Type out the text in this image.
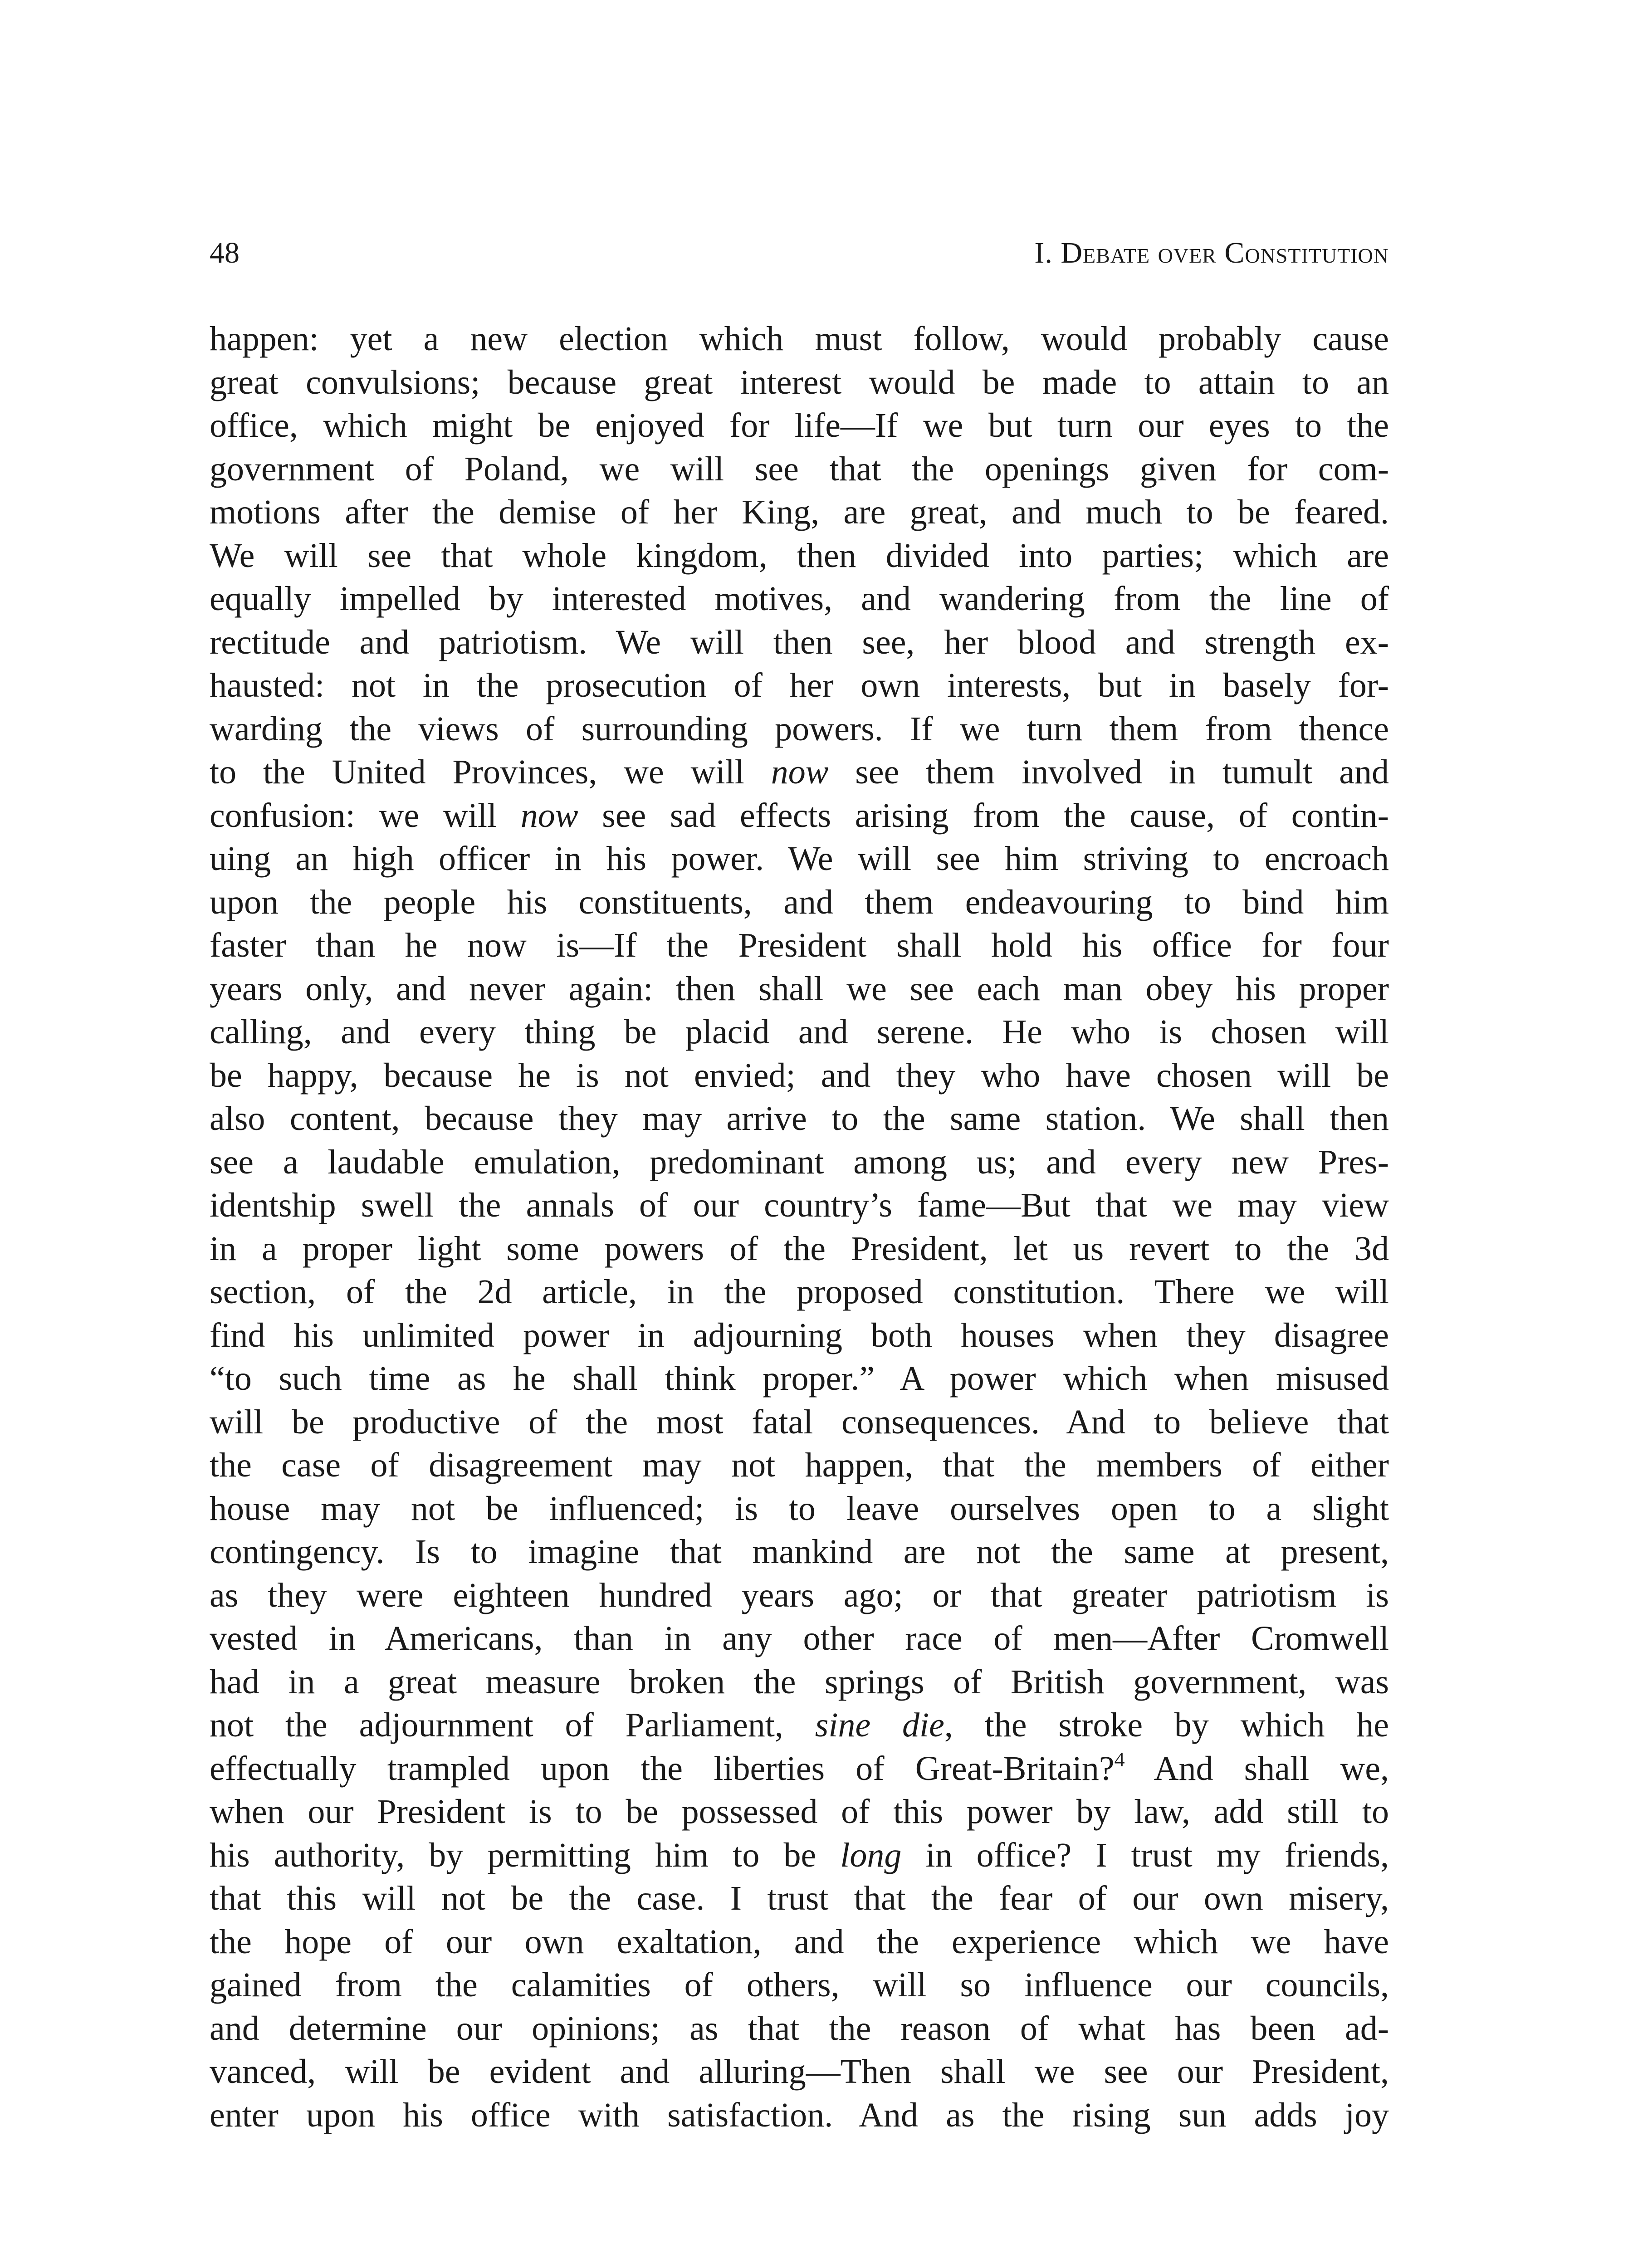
48	I. Debate over Constitution
happen: yet a new election which must follow, would probably cause
great convulsions; because great interest would be made to attain to an
office, which might be enjoyed for life—If we but turn our eyes to the
government of Poland, we will see that the openings given for com-
motions after the demise of her King, are great, and much to be feared.
We will see that whole kingdom, then divided into parties; which are
equally impelled by interested motives, and wandering from the line of
rectitude and patriotism. We will then see, her blood and strength ex-
hausted: not in the prosecution of her own interests, but in basely for-
warding the views of surrounding powers. If we turn them from thence
to the United Provinces, we will now see them involved in tumult and
confusion: we will now see sad effects arising from the cause, of contin-
uing an high officer in his power. We will see him striving to encroach
upon the people his constituents, and them endeavouring to bind him
faster than he now is—If the President shall hold his office for four
years only, and never again: then shall we see each man obey his proper
calling, and every thing be placid and serene. He who is chosen will
be happy, because he is not envied; and they who have chosen will be
also content, because they may arrive to the same station. We shall then
see a laudable emulation, predominant among us; and every new Pres-
identship swell the annals of our country’s fame—But that we may view
in a proper light some powers of the President, let us revert to the 3d
section, of the 2d article, in the proposed constitution. There we will
find his unlimited power in adjourning both houses when they disagree
“to such time as he shall think proper.” A power which when misused
will be productive of the most fatal consequences. And to believe that
the case of disagreement may not happen, that the members of either
house may not be influenced; is to leave ourselves open to a slight
contingency. Is to imagine that mankind are not the same at present,
as they were eighteen hundred years ago; or that greater patriotism is
vested in Americans, than in any other race of men—After Cromwell
had in a great measure broken the springs of British government, was
not the adjournment of Parliament, sine die, the stroke by which he
effectually trampled upon the liberties of Great-Britain?$^4$ And shall we,
when our President is to be possessed of this power by law, add still to
his authority, by permitting him to be long in office? I trust my friends,
that this will not be the case. I trust that the fear of our own misery,
the hope of our own exaltation, and the experience which we have
gained from the calamities of others, will so influence our councils,
and determine our opinions; as that the reason of what has been ad-
vanced, will be evident and alluring—Then shall we see our President,
enter upon his office with satisfaction. And as the rising sun adds joy
